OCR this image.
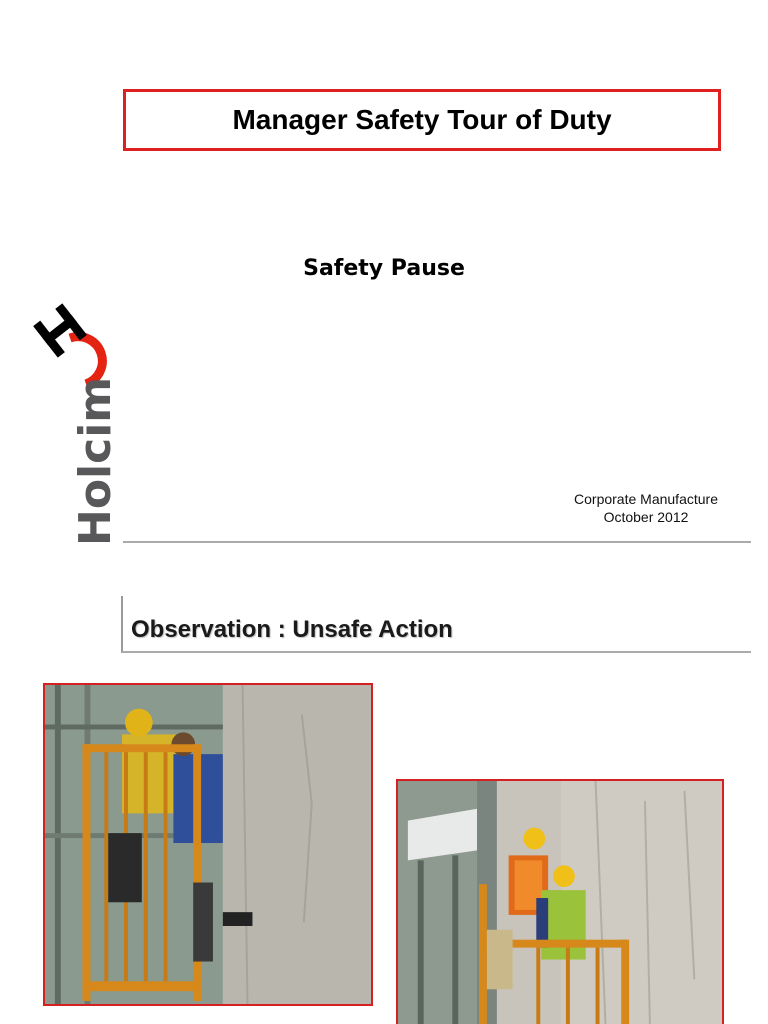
Manager Safety Tour of Duty
Safety Pause
Holcim	Corporate Manufacture
October 2012
Observation : Unsafe Action
